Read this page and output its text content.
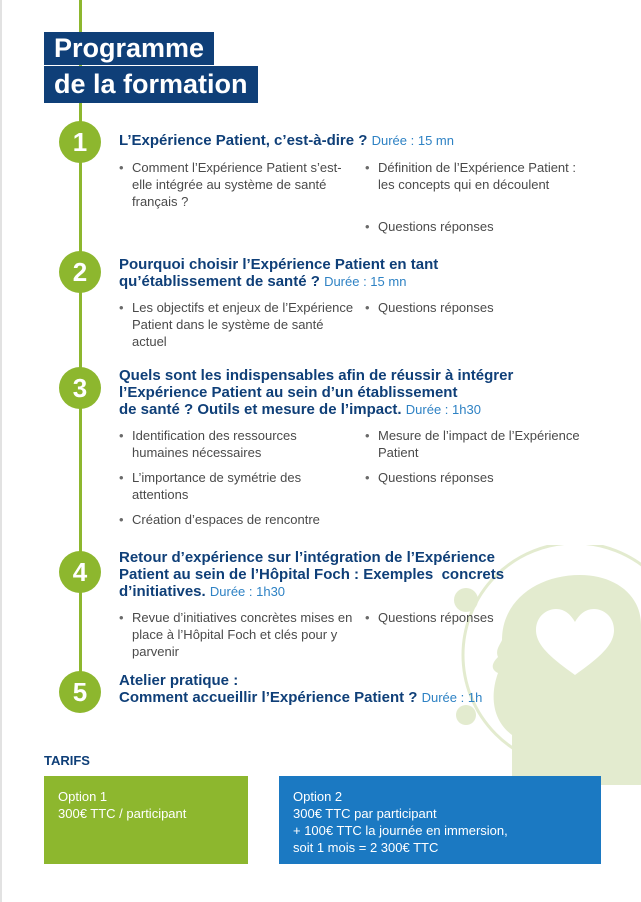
Programme
de la formation
1	L’Expérience Patient, c’est-à-dire ? Durée : 15 mn
• Comment l’Expérience Patient s’est-elle intégrée au système de santé français ?
• Définition de l’Expérience Patient : les concepts qui en découlent
• Questions réponses
2	Pourquoi choisir l’Expérience Patient en tant
qu’établissement de santé ? Durée : 15 mn
• Les objectifs et enjeux de l’Expérience Patient dans le système de santé actuel
• Questions réponses
3	Quels sont les indispensables afin de réussir à intégrer
l’Expérience Patient au sein d’un établissement
de santé ? Outils et mesure de l’impact. Durée : 1h30
• Identification des ressources humaines nécessaires
• L’importance de symétrie des attentions
• Création d’espaces de rencontre
• Mesure de l’impact de l’Expérience Patient
• Questions réponses
4	Retour d’expérience sur l’intégration de l’Expérience
Patient au sein de l’Hôpital Foch : Exemples  concrets
d’initiatives. Durée : 1h30
• Revue d’initiatives concrètes mises en place à l’Hôpital Foch et clés pour y parvenir
• Questions réponses
5	Atelier pratique :
Comment accueillir l’Expérience Patient ? Durée : 1h
TARIFS
Option 1
300€ TTC / participant
Option 2
300€ TTC par participant
+ 100€ TTC la journée en immersion,
soit 1 mois = 2 300€ TTC
